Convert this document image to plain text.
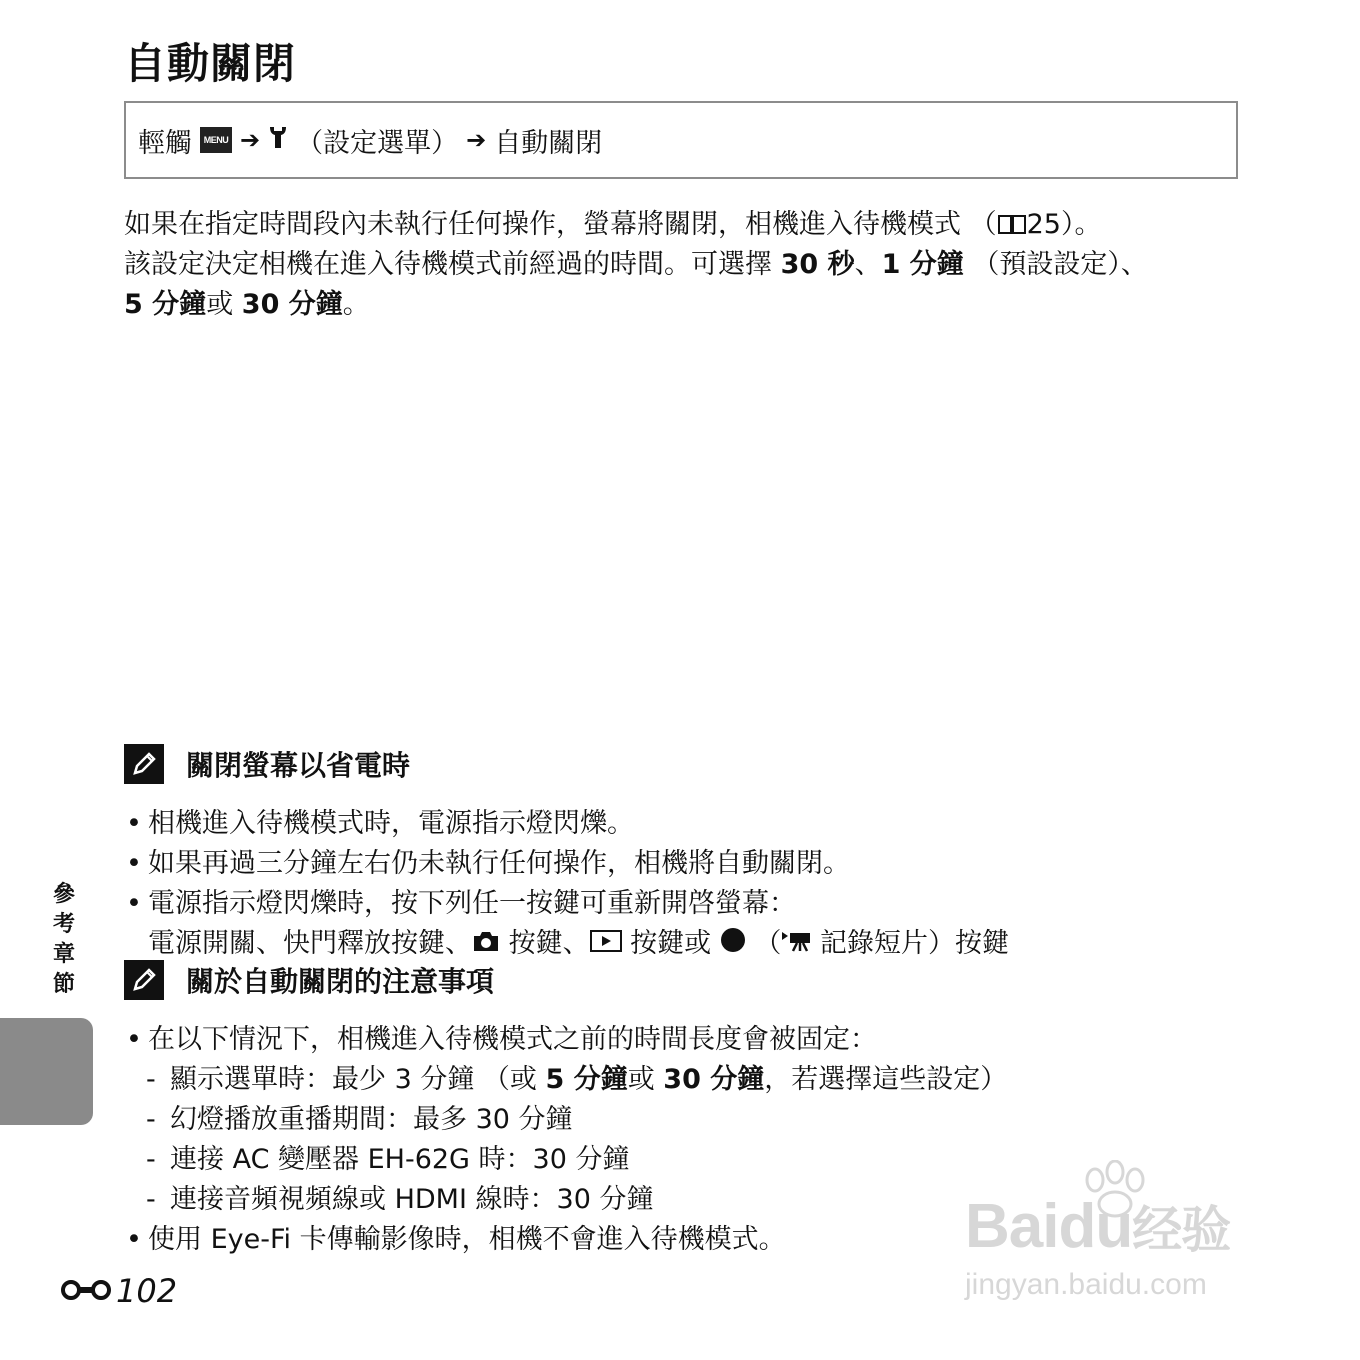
自動關閉
輕觸	MENU ➔ （設定選單） ➔ 自動關閉
如果在指定時間段內未執行任何操作，螢幕將關閉，相機進入待機模式 （ 25）。
該設定決定相機在進入待機模式前經過的時間。可選擇 30 秒、1 分鐘 （預設設定）、
5 分鐘或 30 分鐘。
關閉螢幕以省電時
• 相機進入待機模式時，電源指示燈閃爍。
• 如果再過三分鐘左右仍未執行任何操作，相機將自動關閉。
• 電源指示燈閃爍時，按下列任一按鍵可重新開啓螢幕：
電源開關、快門釋放按鍵、 按鍵、 按鍵或  （ 記錄短片）按鍵
關於自動關閉的注意事項
• 在以下情況下，相機進入待機模式之前的時間長度會被固定：
- 顯示選單時：最少 3 分鐘 （或 5 分鐘或 30 分鐘，若選擇這些設定）
- 幻燈播放重播期間：最多 30 分鐘
- 連接 AC 變壓器 EH-62G 時：30 分鐘
- 連接音頻視頻線或 HDMI 線時：30 分鐘
• 使用 Eye-Fi 卡傳輸影像時，相機不會進入待機模式。
參考章節
102
Baidu经验
jingyan.baidu.com
